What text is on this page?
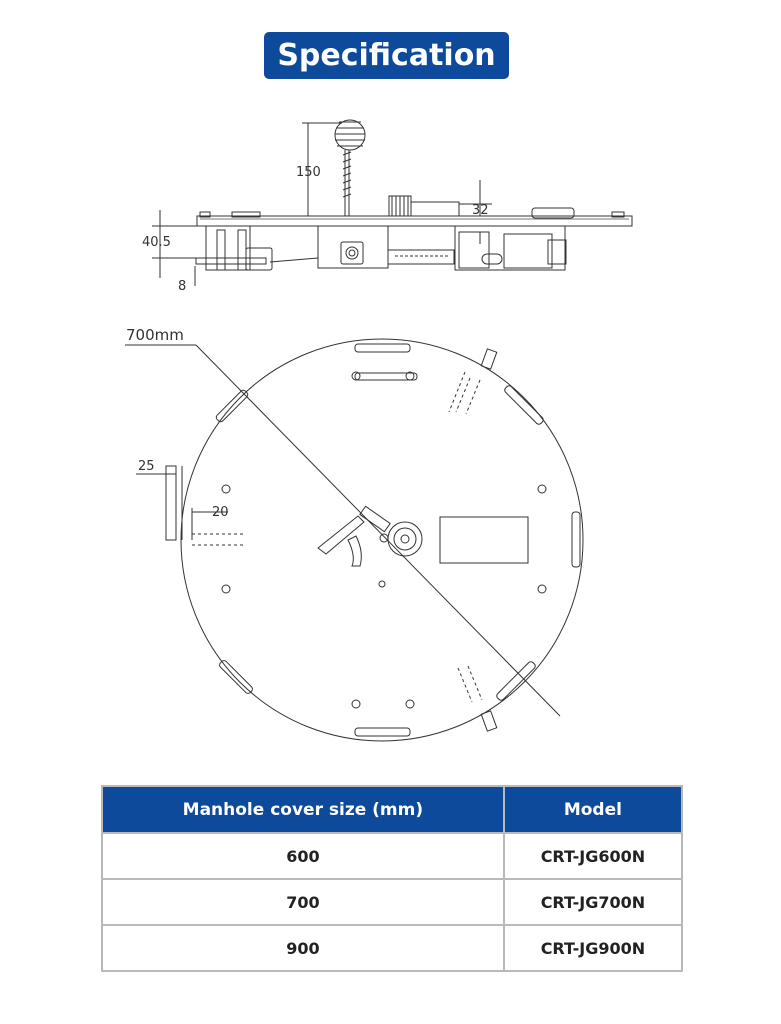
Specification
150
32
40.5
8
700mm
25
20
Manhole cover size (mm)	Model
600	CRT-JG600N
700	CRT-JG700N
900	CRT-JG900N
